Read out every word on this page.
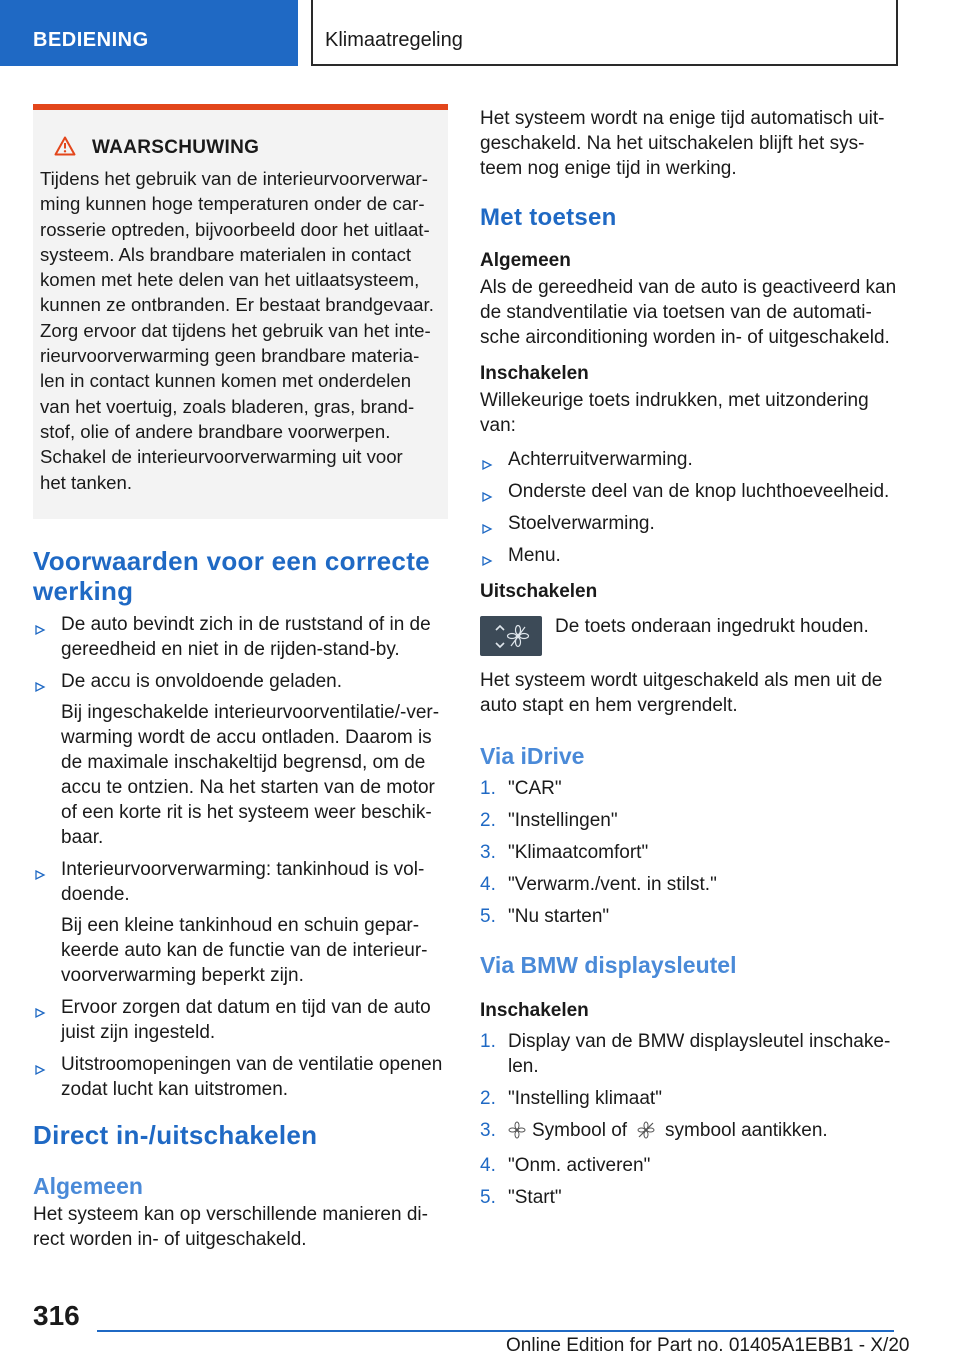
BEDIENING	Klimaatregeling
WAARSCHUWING

Tijdens het gebruik van de interieurvoorverwar-
ming kunnen hoge temperaturen onder de car-
rosserie optreden, bijvoorbeeld door het uitlaat-
systeem. Als brandbare materialen in contact
komen met hete delen van het uitlaatsysteem,
kunnen ze ontbranden. Er bestaat brandgevaar.
Zorg ervoor dat tijdens het gebruik van het inte-
rieurvoorverwarming geen brandbare materia-
len in contact kunnen komen met onderdelen
van het voertuig, zoals bladeren, gras, brand-
stof, olie of andere brandbare voorwerpen.
Schakel de interieurvoorverwarming uit voor
het tanken.

Voorwaarden voor een correcte
werking
De auto bevindt zich in de ruststand of in de gereedheid en niet in de rijden-stand-by.
De accu is onvoldoende geladen.
Bij ingeschakelde interieurvoorventilatie/-ver-warming wordt de accu ontladen. Daarom is de maximale inschakeltijd begrensd, om de accu te ontzien. Na het starten van de motor of een korte rit is het systeem weer beschik-baar.
Interieurvoorverwarming: tankinhoud is vol-doende.
Bij een kleine tankinhoud en schuin gepar-keerde auto kan de functie van de interieur-voorverwarming beperkt zijn.
Ervoor zorgen dat datum en tijd van de auto juist zijn ingesteld.
Uitstroomopeningen van de ventilatie openen zodat lucht kan uitstromen.
Direct in-/uitschakelen
Algemeen

Het systeem kan op verschillende manieren di-rect worden in- of uitgeschakeld.

Het systeem wordt na enige tijd automatisch uit-geschakeld. Na het uitschakelen blijft het sys-teem nog enige tijd in werking.

Met toetsen
Algemeen

Als de gereedheid van de auto is geactiveerd kan de standventilatie via toetsen van de automati-sche airconditioning worden in- of uitgeschakeld.

Inschakelen

Willekeurige toets indrukken, met uitzondering van:

Achterruitverwarming.
Onderste deel van de knop luchthoeveelheid.
Stoelverwarming.
Menu.
Uitschakelen

De toets onderaan ingedrukt houden.

Het systeem wordt uitgeschakeld als men uit de auto stapt en hem vergrendelt.

Via iDrive
1. "CAR"
2. "Instellingen"
3. "Klimaatcomfort"
4. "Verwarm./vent. in stilst."
5. "Nu starten"
Via BMW displaysleutel
Inschakelen
1. Display van de BMW displaysleutel inschake-len.
2. "Instelling klimaat"
3. Symbool of symbool aantikken.
4. "Onm. activeren"
5. "Start"
316
Online Edition for Part no. 01405A1EBB1 - X/20
